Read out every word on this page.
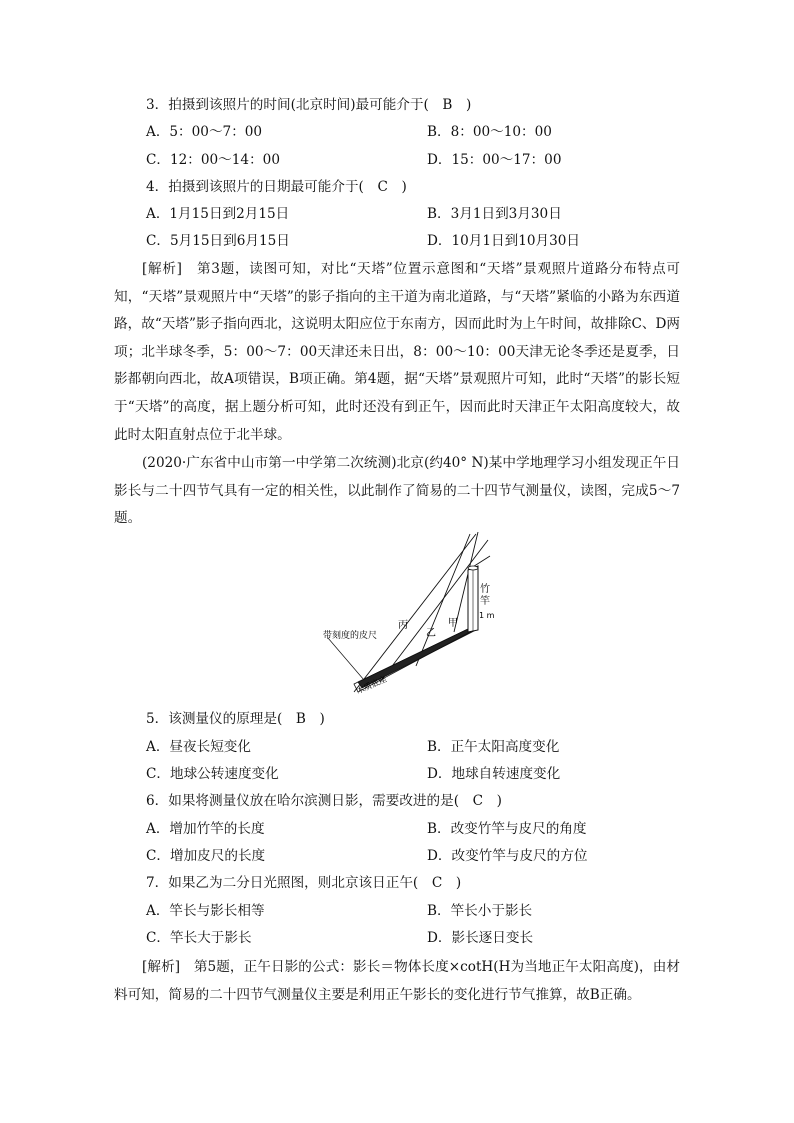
3．拍摄到该照片的时间(北京时间)最可能介于(　B　)
A．5：00～7：00	B．8：00～10：00
C．12：00～14：00	D．15：00～17：00
4．拍摄到该照片的日期最可能介于(　C　)
A．1月15日到2月15日	B．3月1日到3月30日
C．5月15日到6月15日	D．10月1日到10月30日
[解析]　第3题，读图可知，对比“天塔”位置示意图和“天塔”景观照片道路分布特点可知，“天塔”景观照片中“天塔”的影子指向的主干道为南北道路，与“天塔”紧临的小路为东西道路，故“天塔”影子指向西北，这说明太阳应位于东南方，因而此时为上午时间，故排除C、D两项；北半球冬季，5：00～7：00天津还未日出，8：00～10：00天津无论冬季还是夏季，日影都朝向西北，故A项错误，B项正确。第4题，据“天塔”景观照片可知，此时“天塔”的影长短于“天塔”的高度，据上题分析可知，此时还没有到正午，因而此时天津正午太阳高度较大，故此时太阳直射点位于北半球。
(2020·广东省中山市第一中学第二次统测)北京(约40° N)某中学地理学习小组发现正午日影长与二十四节气具有一定的相关性，以此制作了简易的二十四节气测量仪，读图，完成5～7题。
竹
竿
1 m
丙
乙
甲
带刻度的皮尺
木质底座
5．该测量仪的原理是(　B　)
A．昼夜长短变化	B．正午太阳高度变化
C．地球公转速度变化	D．地球自转速度变化
6．如果将测量仪放在哈尔滨测日影，需要改进的是(　C　)
A．增加竹竿的长度	B．改变竹竿与皮尺的角度
C．增加皮尺的长度	D．改变竹竿与皮尺的方位
7．如果乙为二分日光照图，则北京该日正午(　C　)
A．竿长与影长相等	B．竿长小于影长
C．竿长大于影长	D．影长逐日变长
[解析]　第5题，正午日影的公式：影长＝物体长度×cotH(H为当地正午太阳高度)，由材料可知，简易的二十四节气测量仪主要是利用正午影长的变化进行节气推算，故B正确。
